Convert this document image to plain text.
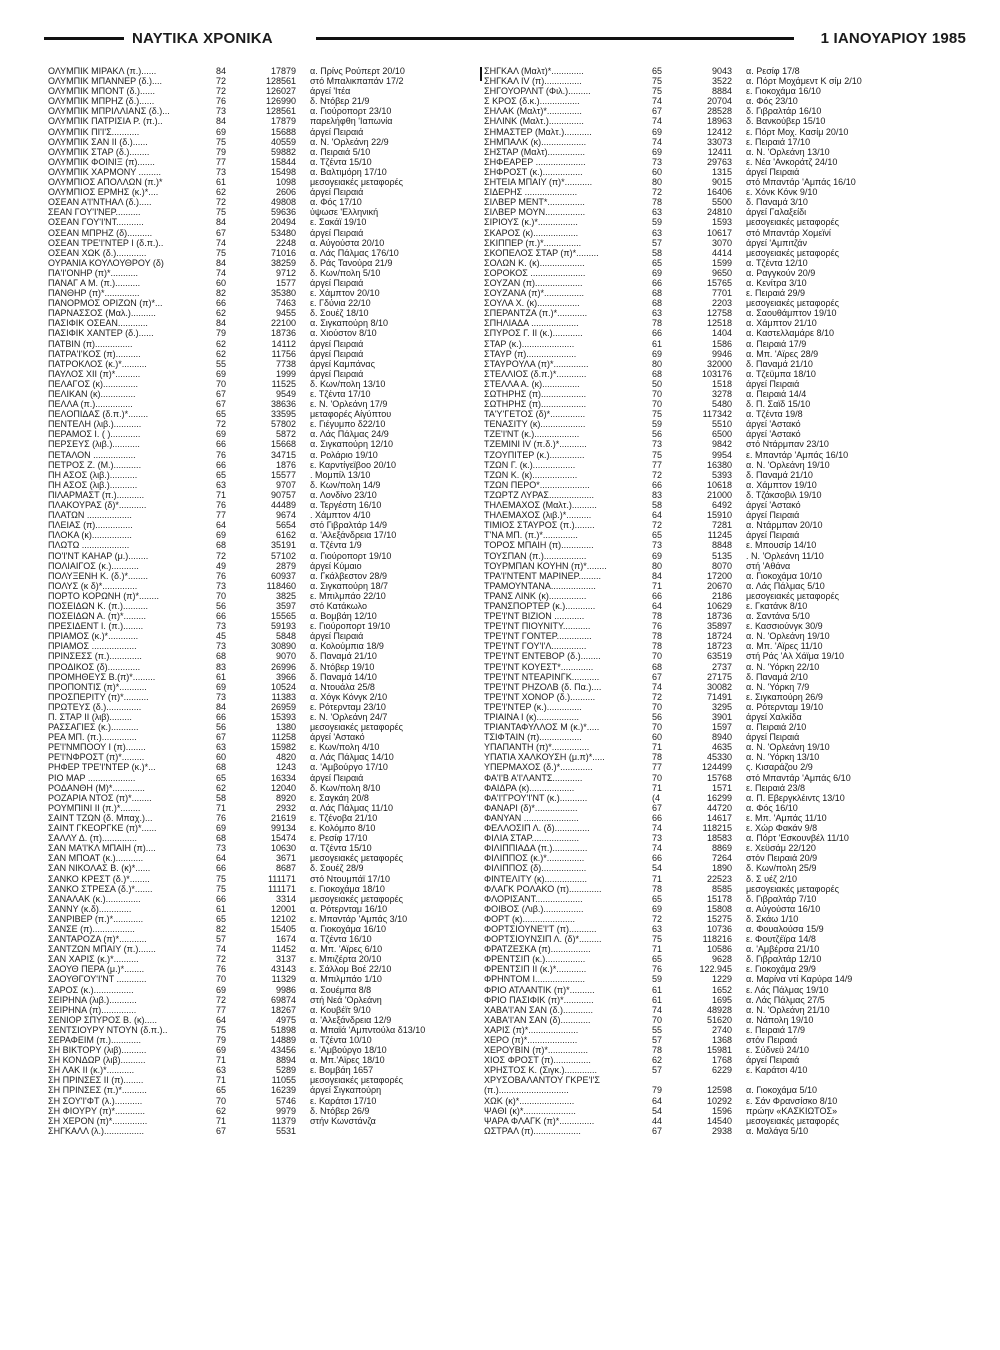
ΝΑΥΤΙΚΑ ΧΡΟΝΙΚΑ	1 ΙΑΝΟΥΑΡΙΟΥ 1985
ΟΛΥΜΠΙΚ ΜΙΡΑΚΛ (π.)......	84	17879 α. Πρίνς Ρούπερτ 20/10
ΟΛΥΜΠΙΚ ΜΠΑΝΝΕΡ (δ.)....	72	128561 στό Μπαλικπαπάν 17/2
ΟΛΥΜΠΙΚ ΜΠΟΝΤ (δ.)......	72	126027 άργεί 'Ιτέα
ΟΛΥΜΠΙΚ ΜΠΡΗΖ (δ.)......	76	126990 δ. Ντόβερ 21/9
ΟΛΥΜΠΙΚ ΜΠΡΙΛΛΙΑΝΣ (δ.)...	73	128561 α. Γιούροπορτ 23/10
ΟΛΥΜΠΙΚ ΠΑΤΡΙΣΙΑ Ρ. (π.)..	84	17879 παρελήφθη 'Ιαπωνία
ΟΛΥΜΠΙΚ ΠΙ'Ι'Σ...........	69	15688 άργεί Πειραιά
ΟΛΥΜΠΙΚ ΣΑΝ ΙΙ (δ.)......	75	40559 α. Ν. 'Ορλεάνη 22/9
ΟΛΥΜΠΙΚ ΣΤΑΡ (δ.)........	79	59882 α. Πειραιά 5/10
ΟΛΥΜΠΙΚ ΦΟΙΝΙΞ (π).......	77	15844 α. Τζέντα 15/10
ΟΛΥΜΠΙΚ ΧΑΡΜΟΝΥ .........	73	15498 α. Βαλτιμόρη 17/10
ΟΛΥΜΠΙΟΣ ΑΠΟΛΛΩΝ (π.)*	61	1098 μεσογειακές μεταφορές
ΟΛΥΜΠΙΟΣ ΕΡΜΗΣ (κ.)*....	62	2606 άργεί Πειραιά
ΟΣΕΑΝ Α'Ι'ΝΤΗΑΛ (δ.).....	72	49808 α. Φός 17/10
ΣΕΑΝ ΓΟΥ'Ι'ΝΕΡ..........	75	59636 ύψωσε 'Ελληνική
ΟΣΕΑΝ ΓΟΥ'Ι'ΝΤ...........	84	20494 ε. Σακάϊ 19/10
ΟΣΕΑΝ ΜΠΡΗΖ (δ)..........	67	53480 άργεί Πειραιά
ΟΣΕΑΝ ΤΡΕ'Ι'ΝΤΕΡ Ι (δ.π.)..	74	2248 α. Αύγούστα 20/10
ΟΣΕΑΝ ΧΩΚ (δ.)............	75	71016 α. Λάς Πάλμας 176/10
ΟΥΡΑΝΙΑ ΚΟΥΛΟΥΘΡΟΥ (δ)	84	38259 δ. Ράς Τανούρα 21/9
ΠΑ'Ι'ΟΝΗΡ (π)*...........	74	9712 δ. Κων/πολη 5/10
ΠΑΝΑΓ Α Μ. (π.)..........	60	1577 άργεί Πειραιά
ΠΑΝΘΗΡ (π)*..............	82	35380 ε. Χάμπτον 20/10
ΠΑΝΟΡΜΟΣ ΟΡΙΖΩΝ (π)*...	66	7463 ε. Γδύνια 22/10
ΠΑΡΝΑΣΣΟΣ (Μαλ.)..........	62	9455 δ. Σουέζ 18/10
ΠΑΣΙΦΙΚ ΟΣΕΑΝ............	84	22100 α. Σιγκαπούρη 8/10
ΠΑΣΙΦΙΚ ΧΑΝΤΕΡ (δ.)......	79	18736 α. Χιούστον 8/10
ΠΑΤΒΙΝ (π)...............	62	14112 άργεί Πειραιά
ΠΑΤΡΑ'Ι'ΚΟΣ (π)..........	62	11756 άργεί Πειραιά
ΠΑΤΡΟΚΛΟΣ (κ.)*..........	55	7738 άργεί Καμπάνας
ΠΑΥΛΟΣ ΧΙΙ (π)*..........	69	1999 άργεί Πειραιά
ΠΕΛΑΓΟΣ (κ)..............	70	11525 δ. Κων/πολη 13/10
ΠΕΛΙΚΑΝ (κ)..............	67	9549 ε. Τζέντα 17/10
ΠΕΛΛΑ (π.)...............	67	38636 ε. Ν. 'Ορλεάνη 17/9
ΠΕΛΟΠΙΔΑΣ (δ.π.)*........	65	33595 μεταφορές Αίγύπτου
ΠΕΝΤΕΛΗ (λιβ.)...........	72	57802 ε. Γιέγυμπο δ22/10
ΠΕΡΑΜΟΣ Ι. ( )............	69	5872 α. Λάς Πάλμας 24/9
ΠΕΡΣΕΥΣ (λιβ.)...........	66	15668 α. Σιγκαπούρη 12/10
ΠΕΤΑΛΟΝ .................	76	34715 α. Ρολάριο 19/10
ΠΕΤΡΟΣ Ζ. (Μ.)...........	66	1876 ε. Καρντίγεϊβοο 20/10
ΠΗ ΑΣΟΣ (λιβ.)...........	65	15577 . Μομπίλ 13/10
ΠΗ ΑΣΟΣ (λιβ.)...........	63	9707 δ. Κων/πολη 14/9
ΠΙΛΑΡΜΑΣΤ (π.)...........	71	90757 α. Λονδίνο 23/10
ΠΛΑΚΟΥΡΑΣ (δ)*...........	76	44489 α. Τεργέστη 16/10
ΠΛΑΤΩΝ ..................	77	9674 . Χάμπτον 4/10
ΠΛΕΙΑΣ (π)...............	64	5654 στό Γιβραλτάρ 14/9
ΠΛΟΚΑ (κ)................	69	6162 α. 'Αλεξάνδρεια 17/10
ΠΛΩΤΩ ...................	68	35191 α. Τζέντα 1/9
ΠΟ'Ι'ΝΤ ΚΑΗΑΡ (μ.)........	72	57102 α. Γιούροπορτ 19/10
ΠΟΛΙΑΙΓΟΣ (κ.)...........	49	2879 άργεί Κύμαιο
ΠΟΛΥΞΕΝΗ Κ. (δ.)*........	76	60937 α. Γκάλβεστον 28/9
ΠΟΛΥΣ (κ δ)*..............	73	118460 α. Σιγκαπούρη 18/7
ΠΟΡΤΟ ΚΟΡΩΝΗ (π)*........	70	3825 ε. Μπιλμπάο 22/10
ΠΟΣΕΙΔΩΝ Κ. (π.)..........	56	3597 στό Κατάκωλο
ΠΟΣΕΙΔΩΝ Α. (π)*.........	66	15565 α. Βομβάη 12/10
ΠΡΕΣΙΔΕΝΤ Ι. (π.)........	73	59193 ε. Γιούροπορτ 19/10
ΠΡΙΑΜΟΣ (κ.)*............	45	5848 άργεί Πειραιά
ΠΡΙΑΜΟΣ ..................	73	30890 α. Κολούμπια 18/9
ΠΡΙΝΣΕΣΣ (π.).............	68	9070 δ. Παναμά 21/10
ΠΡΟΔΙΚΟΣ (δ).............	83	26996 δ. Ντόβερ 19/10
ΠΡΟΜΗΘΕΥΣ Β.(π)*.........	61	3966 δ. Παναμά 14/10
ΠΡΟΠΟΝΤΙΣ (π)*...........	69	10524 α. Ντουάλα 25/8
ΠΡΟΣΠΕΡΙΤΥ (π)*..........	73	11383 α. Χόγκ Κόνγκ 2/10
ΠΡΩΤΕΥΣ (δ.)..............	84	26959 ε. Ρότερνταμ 23/10
Π. ΣΤΑΡ ΙΙ (λιβ).........	66	15393 ε. Ν. 'Ορλεάνη 24/7
ΡΑΣΣΑΓΙΕΣ (κ.)...........	56	1380 μεσογειακές μεταφορές
ΡΕΑ ΜΠ. (π.)..............	67	11258 άργεί 'Αστακό
ΡΕ'Ι'ΝΜΠΟΟΥ Ι (π)........	63	15982 ε. Κων/πολη 4/10
ΡΕ'Ι'ΝΦΡΟΣΤ (π)*.........	60	4820 α. Λάς Πάλμας 14/10
ΡΗΦΕΡ ΤΡΕ'Ι'ΝΤΕΡ (κ.)*...	68	1243 α. 'Αμβούργο 17/10
ΡΙΟ ΜΑΡ ...................	65	16334 άργεί Πειραιά
ΡΟΔΑΝΘΗ (Μ)*.............	62	12040 δ. Κων/πολη 8/10
ΡΟΖΑΡΙΑ ΝΤΟΣ (π)*........	58	8920 ε. Σαγκάη 20/8
ΡΟΥΜΠΙΝΙ ΙΙ (π.)*........	71	2932 α. Λάς Πάλμας 11/10
ΣΑΙΝΤ ΤΖΩΝ (δ. Μπαχ.)...	76	21619 ε. Τζένοβα 21/10
ΣΑΙΝΤ ΓΚΕΟΡΓΚΕ (π)*......	69	99134 ε. Κολόμπο 8/10
ΣΑΛΛΥ Δ. (π)..............	68	15474 ε. Ρεσίφ 17/10
ΣΑΝ ΜΑ'Ι'ΚΛ ΜΠΑΙΗ (π)....	73	10630 α. Τζέντα 15/10
ΣΑΝ ΜΠΟΑΤ (κ.)...........	64	3671 μεσογειακές μεταφορές
ΣΑΝ ΝΙΚΟΛΑΣ Β. (κ)*......	66	8687 δ. Σουέζ 28/9
ΣΑΝΚΟ ΚΡΕΣΤ (δ.)*........	75	111171 στό Ντουμπάϊ 17/10
ΣΑΝΚΟ ΣΤΡΕΣΑ (δ.)*.......	75	111171 ε. Γιοκοχάμα 18/10
ΣΑΝΑΛΑΚ (κ.)..............	66	3314 μεσογειακές μεταφορές
ΣΑΝΝΥ (κ.δ).............	61	12001 α. Ρότερνταμ 16/10
ΣΑΝΡΙΒΕΡ (π.)*............	65	12102 ε. Μπαντάρ 'Αμπάς 3/10
ΣΑΝΣΕ (π).................	82	15405 α. Γιοκοχάμα 16/10
ΣΑΝΤΑΡΟΖΑ (π)*...........	57	1674 α. Τζέντα 16/10
ΣΑΝΤΖΩΝ ΜΠΑΙΥ (π.).......	74	11452 α. Μπ. 'Αϊρες 6/10
ΣΑΝ ΧΑΡΙΣ (κ.)*..........	72	3137 ε. Μπιζέρτα 20/10
ΣΑΟΥΘ ΠΕΡΑ (μ.)*........	76	43143 ε. Σάλλομ Βοέ 22/10
ΣΑΟΥΘΓΟΥ'Ι'ΝΤ ............	70	11329 α. Μπιλμπάο 1/10
ΣΑΡΟΣ (κ.)................	69	9986 α. Σουέμπα 8/8
ΣΕΙΡΗΝΑ (λιβ.)...........	72	69874 στή Νεά 'Ορλεάνη
ΣΕΙΡΗΝΑ (π)..............	77	18267 α. Κουβέϊτ 9/10
ΣΕΝΙΟΡ ΣΠΥΡΟΣ Β. (κ).....	64	4975 α. 'Αλεξάνδρεια 12/9
ΣΕΝΤΣΙΟΥΡΥ ΝΤΟΥΝ (δ.π.)..	75	51898 α. Μπαϊά 'Αμπντούλα δ13/10
ΣΕΡΑΦΕΙΜ (π.)............	79	14889 α. Τζέντα 10/10
ΣΗ ΒΙΚΤΟΡΥ (λιβ)..........	69	43456 ε. 'Αμβούργο 18/10
ΣΗ ΚΟΝΔΩΡ (λιβ)..........	71	8894 α. Μπ.'Αϊρες 18/10
ΣΗ ΛΑΚ ΙΙ (κ.)*...........	63	5289 ε. Βομβάη 1657
ΣΗ ΠΡΙΝΣΕΣ ΙΙ (π)........	71	11055 μεσογειακές μεταφορές
ΣΗ ΠΡΙΝΣΕΣ (π.)*..........	65	16239 άργεί Σιγκαπούρη
ΣΗ ΣΟΥ'Ι'ΦΤ (λ.)...........	70	5746 ε. Καράτσι 17/10
ΣΗ ΦΙΟΥΡΥ (π)*............	62	9979 δ. Ντόβερ 26/9
ΣΗ ΧΕΡΟΝ (π)*..............	71	11379 στήν Κωνστάνζα
ΣΗΓΚΑΛΛ (λ.)................	67	5531
ΣΗΓΚΑΛ (Μαλτ)*.............	65	9043 α. Ρεσίφ 17/8
ΣΗΓΚΑΛ ΙV (π)...............	75	3522 α. Πόρτ Μοχάμεντ Κ σίμ 2/10
ΣΗΓΟΥΟΡΛΝΤ (Φιλ.).........	75	8884 ε. Γιοκοχάμα 16/10
Σ ΚΡΟΣ (δ.κ.)................	74	20704 α. Φός 23/10
ΣΗΛΑΚ (Μαλτ)*..............	67	28528 δ. Γιβραλτάρ 16/10
ΣΗΛΙΝΚ (Μαλτ.)..............	74	18963 δ. Βανκούβερ 15/10
ΣΗΜΑΣΤΕΡ (Μαλτ.)...........	69	12412 ε. Πόρτ Μοχ. Κασίμ 20/10
ΣΗΜΠΑΛΚ (κ)..................	74	33073 ε. Πειραιά 17/10
ΣΗΣΤΑΡ (Μαλτ)...............	69	12411 α. Ν. 'Ορλεάνη 13/10
ΣΗΦΕΑΡΕΡ ....................	73	29763 ε. Νέα 'Ανκοράτζ 24/10
ΣΗΦΡΟΣΤ (κ.)................	60	1315 άργεί Πειραιά
ΣΗΤΕΙΑ ΜΠΑΙΥ (π)*...........	80	9015 στό Μπαντάρ 'Αμπάς 16/10
ΣΙΔΕΡΗΣ .....................	72	16406 ε. Χόνκ Κόνκ 9/10
ΣΙΛΒΕΡ ΜΕΝΤ*...............	78	5500 δ. Παναμά 3/10
ΣΙΛΒΕΡ ΜΟΥΝ................	63	24810 άργεί Γαλαξείδι
ΣΙΡΙΟΥΣ (κ.)*................	59	1593 μεσογειακές μεταφορές
ΣΚΑΡΟΣ (κ)..................	63	10617 στό Μπαντάρ Χομεϊνί
ΣΚΙΠΠΕΡ (π.)*...............	57	3070 άργεί 'Αμπιτζάν
ΣΚΟΠΕΛΟΣ ΣΤΑΡ (π)*.........	58	4414 μεσογειακές μεταφορές
ΣΟΛΩΝ Κ. (κ)..................	65	1599 α. Τζέντα 12/10
ΣΟΡΟΚΟΣ ......................	69	9650 α. Ραγγκούν 20/9
ΣΟΥΖΑΝ (π)...................	66	15765 α. Κενίτρα 3/10
ΣΟΥΖΑΝΑ (π)*................	68	7701 ε. Πειραιά 29/9
ΣΟΥΛΑ Χ. (κ).................	68	2203 μεσογειακές μεταφορές
ΣΠΕΡΑΝΤΖΑ (π.)*............	63	12758 α. Σαουθάμπτον 19/10
ΣΠΗΛΙΑΔΑ ...................	78	12518 α. Χάμπτον 21/10
ΣΠΥΡΟΣ Γ. ΙΙ (κ.)............	66	1404 α. Καστελλαμάρε 8/10
ΣΤΑΡ (κ.).....................	61	1586 α. Πειραιά 17/9
ΣΤΑΥΡ (π)....................	69	9946 α. Μπ. 'Αϊρες 28/9
ΣΤΑΥΡΟΥΛΑ (π)*..............	80	32000 δ. Παναμά 21/10
ΣΤΕΛΛΙΟΣ (δ.π.)*............	68	103176 α. Τζεϋμπα 18/10
ΣΤΕΛΛΑ Α. (κ)...............	50	1518 άργεί Πειραιά
ΣΩΤΗΡΗΣ (π)..................	70	3278 α. Πειραιά 14/4
ΣΩΤΗΡΗΣ (π)..................	70	5480 δ. Π. Σαϊδ 15/10
ΤΑ'Υ'ΓΕΤΟΣ (δ)*..............	75	117342 α. Τζέντα 19/8
ΤΕΝΑΣΙΤΥ (κ)..................	59	5510 άργεί 'Αστακό
ΤΖΕ'Ι'ΝΤ (κ.)..................	56	6500 άργεί 'Αστακό
ΤΖΕΜΙΝΙ ΙV (π.δ.)*...........	73	9842 στό Ντάρμπαν 23/10
ΤΖΟΥΠΙΤΕΡ (κ.)..............	75	9954 ε. Μπαντάρ 'Αμπάς 16/10
ΤΖΩΝ Γ. (κ.).................	77	16380 α. Ν. 'Ορλεάνη 19/10
ΤΖΩΝ Κ. (κ)..................	72	5393 δ. Παναμά 21/10
ΤΖΩΝ ΠΕΡΟ*....................	66	10618 α. Χάμπτον 19/10
ΤΖΩΡΤΖ ΛΥΡΑΣ..................	83	21000 δ. Τζάκσοβιλ 19/10
ΤΗΛΕΜΑΧΟΣ (Μαλτ.)..........	58	6492 άργεί 'Αστακό
ΤΗΛΕΜΑΧΟΣ (λιβ.)*..........	64	15910 άργεί Πειραιά
ΤΙΜΙΟΣ ΣΤΑΥΡΟΣ (π.)........	72	7281 α. Ντάρμπαν 20/10
Τ'ΝΑ ΜΠ. (π.)*..............	65	11245 άργεί Πειραιά
ΤΟΡΟΣ ΜΠΑΙΗ (π).............	73	8848 ε. Μπουσίρ 14/10
ΤΟΥΣΠΑΝ (π.).................	69	5135 . Ν. 'Ορλεάνη 11/10
ΤΟΥΡΜΠΑΝ ΚΟΥΗΝ (π)*........	80	8070 στή 'Αθάνα
ΤΡΑ'Ι'ΝΤΕΝΤ ΜΑΡΙΝΕΡ.........	84	17200 α. Γιοκοχάμα 10/10
ΤΡΑΜΟΥΝΤΑΝΑ..................	71	20670 α. Λάς Πάλμας 5/10
ΤΡΑΝΣ ΛΙΝΚ (κ)...............	66	2186 μεσογειακές μεταφορές
ΤΡΑΝΣΠΟΡΤΕΡ (κ.)............	64	10629 ε. Γκατάνκ 8/10
ΤΡΕ'Ι'ΝΤ ΒΙΖΙΟΝ ............	78	18736 α. Σαντάνα 5/10
ΤΡΕ'Ι'ΝΤ ΠΙΟΥΝΙΤΥ...........	76	35897 ε. Κασσιούνγκ 30/9
ΤΡΕ'Ι'ΝΤ ΓΟΝΤΕΡ..............	78	18724 α. Ν. 'Ορλεάνη 19/10
ΤΡΕ'Ι'ΝΤ ΓΟΥ'Ι'Λ..............	78	18723 α. Μπ. 'Αϊρες 11/10
ΤΡΕ'Ι'ΝΤ ΕΝΤΕΒΟΡ (δ.)........	70	63519 στή Ράς 'Αλ Χάϊμα 19/10
ΤΡΕ'Ι'ΝΤ ΚΟΥΕΣΤ*.............	68	2737 α. Ν. 'Υόρκη 22/10
ΤΡΕ'Ι'ΝΤ ΝΤΕΑΡΙΝΓΚ...........	67	27175 δ. Παναμά 2/10
ΤΡΕ'Ι'ΝΤ ΡΗΖΟΛΒ (δ. Πα.)....	74	30082 α. Ν. 'Υόρκη 7/9
ΤΡΕ'Ι'ΝΤ ΧΟΝΟΡ (δ.)..........	72	71491 ε. Σιγκαπούρη 26/9
ΤΡΕ'Ι'ΝΤΕΡ (κ.)..............	70	3295 α. Ρότερνταμ 19/10
ΤΡΙΑΙΝΑ Ι (κ).................	56	3901 άργεί Χαλκίδα
ΤΡΙΑΝΤΑΦΥΛΛΟΣ Μ (κ.)*.....	70	1597 α. Πειραιά 2/10
ΤΣΙΦΤΑΙΝ (π).................	60	8940 άργεί Πειραιά
ΥΠΑΠΑΝΤΗ (π)*...............	71	4635 α. Ν. 'Ορλεάνη 19/10
ΥΠΑΤΙΑ ΧΑΛΚΟΥΣΗ (μ.π)*.....	78	45330 α. Ν. 'Υόρκη 13/10
ΥΠΕΡΜΑΧΟΣ (δ.)*.............	77	124499 ς. Κισαράζου 2/9
ΦΑ'Ι'Β Α'Ι'ΛΑΝΤΣ............	70	15768 στό Μπαντάρ 'Αμπάς 6/10
ΦΑΙΔΡΑ (κ)..................	71	1571 ε. Πειραιά 23/8
ΦΑ'Ι'ΓΡΟΥ'Ι'ΝΤ (κ.)...........	(4	16299 α. Π. Εβεργκλέιντς 13/10
ΦΑΝΑΡΙ (δ)*.................	67	44720 α. Φός 16/10
ΦΑΝΥΑΝ ......................	66	14617 ε. Μπ. 'Αμπάς 11/10
ΦΕΛΛΟΣΙΠ Λ. (δ)..............	74	118215 ε. Χώρ Φακάν 9/8
ΦΙΛΙΑ ΣΤΑΡ...................	73	18583 α. Πόρτ 'Εσκουνβέλ 11/10
ΦΙΛΙΠΠΙΑΔΑ (π.)..............	74	8869 ε. Χεϋσάμ 22/120
ΦΙΛΙΠΠΟΣ (κ.)*...............	66	7264 στόν Πειραιά 20/9
ΦΙΛΙΠΠΟΣ (δ)..................	54	1890 δ. Κων/πολη 25/9
ΦΙΝΤΕΛΙΤΥ (κ).................	71	22523 δ. Σ υέζ 2/10
ΦΛΑΓΚ ΡΟΛΑΚΟ (π).............	78	8585 μεσογειακές μεταφορές
ΦΛΟΡΙΣΑΝΤ...................	65	15178 δ. Γιβραλτάρ 7/10
ΦΟΙΒΟΣ (Λιβ.)................	69	15808 α. Αύγούστα 16/10
ΦΟΡΤ (κ).....................	72	15275 δ. Σκάω 1/10
ΦΟΡΤΣΙΟΥΝΕ'Ι'Τ (π)...........	63	10736 α. Φουαλούσα 15/9
ΦΟΡΤΣΙΟΥΝΣΙΠ Λ. (δ)*.........	75	118216 ε. Φουτζέϊρα 14/8
ΦΡΑΤΖΕΣΚΑ (π)................	71	10586 α. 'Αμβέρσα 21/10
ΦΡΕΝΤΣΙΠ (κ.)................	65	9628 δ. Γιβραλτάρ 12/10
ΦΡΕΝΤΣΙΠ ΙΙ (κ.)*............	76	122.945 ε. Γιοκοχάμα 29/9
ΦΡΗΝΤΟΜ Ι....................	59	1229 α. Μαρίνα ντί Καρύρα 14/9
ΦΡΙΟ ΑΤΛΑΝΤΙΚ (π)*..........	61	1652 ε. Λάς Πάλμας 19/10
ΦΡΙΟ ΠΑΣΙΦΙΚ (π)*............	61	1695 α. Λάς Πάλμας 27/5
ΧΑΒΑ'Ι'ΑΝ ΣΑΝ (δ.)............	74	48928 α. Ν. 'Ορλεάνη 21/10
ΧΑΒΑ'Ι'ΑΝ ΣΑΝ (δ)............	70	51620 α. Νάπολη 19/10
ΧΑΡΙΣ (π)*....................	55	2740 ε. Πειραιά 17/9
ΧΕΡΟ (π)*....................	57	1368 στόν Πειραιά
ΧΕΡΟΥΒΙΝ (π)*................	78	15981 ε. Σύδνεϋ 24/10
ΧΙΟΣ ΦΡΟΣΤ (π)...............	62	1768 άργεί Πειραιά
ΧΡΗΣΤΟΣ Κ. (Σιγκ.).............	57	6229 ε. Καράτσι 4/10
ΧΡΥΣΟΒΑΛΑΝΤΟΥ ΓΚΡΕ'Ι'Σ
(π.)............................	79	12598 α. Γιοκοχάμα 5/10
ΧΩΚ (κ)*......................	64	10292 ε. Σάν Φρανσίσκο 8/10
ΨΑΘΙ (κ)*.....................	54	1596 πρώην «ΚΑΣΚΙΩΤΟΣ»
ΨΑΡΑ ΦΛΑΓΚ (π)*..............	44	14540 μεσογειακές μεταφορές
ΩΣΤΡΑΛ (π)...................	67	2938 α. Μαλάγα 5/10
